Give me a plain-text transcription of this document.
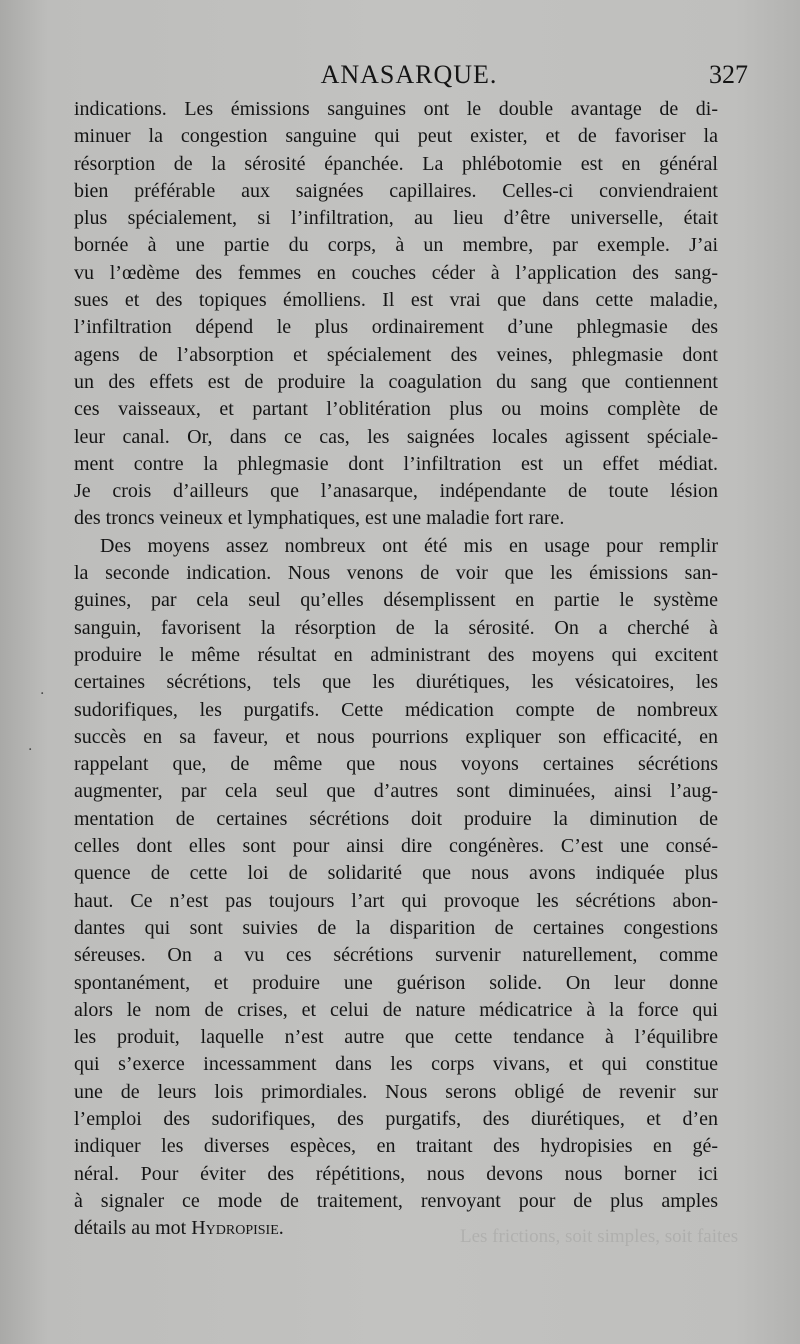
ANASARQUE.	327
indications. Les émissions sanguines ont le double avantage de di-
minuer la congestion sanguine qui peut exister, et de favoriser la
résorption de la sérosité épanchée. La phlébotomie est en général
bien préférable aux saignées capillaires. Celles-ci conviendraient
plus spécialement, si l’infiltration, au lieu d’être universelle, était
bornée à une partie du corps, à un membre, par exemple. J’ai
vu l’œdème des femmes en couches céder à l’application des sang-
sues et des topiques émolliens. Il est vrai que dans cette maladie,
l’infiltration dépend le plus ordinairement d’une phlegmasie des
agens de l’absorption et spécialement des veines, phlegmasie dont
un des effets est de produire la coagulation du sang que contiennent
ces vaisseaux, et partant l’oblitération plus ou moins complète de
leur canal. Or, dans ce cas, les saignées locales agissent spéciale-
ment contre la phlegmasie dont l’infiltration est un effet médiat.
Je crois d’ailleurs que l’anasarque, indépendante de toute lésion
des troncs veineux et lymphatiques, est une maladie fort rare.
Des moyens assez nombreux ont été mis en usage pour remplir
la seconde indication. Nous venons de voir que les émissions san-
guines, par cela seul qu’elles désemplissent en partie le système
sanguin, favorisent la résorption de la sérosité. On a cherché à
produire le même résultat en administrant des moyens qui excitent
certaines sécrétions, tels que les diurétiques, les vésicatoires, les
sudorifiques, les purgatifs. Cette médication compte de nombreux
succès en sa faveur, et nous pourrions expliquer son efficacité, en
rappelant que, de même que nous voyons certaines sécrétions
augmenter, par cela seul que d’autres sont diminuées, ainsi l’aug-
mentation de certaines sécrétions doit produire la diminution de
celles dont elles sont pour ainsi dire congénères. C’est une consé-
quence de cette loi de solidarité que nous avons indiquée plus
haut. Ce n’est pas toujours l’art qui provoque les sécrétions abon-
dantes qui sont suivies de la disparition de certaines congestions
séreuses. On a vu ces sécrétions survenir naturellement, comme
spontanément, et produire une guérison solide. On leur donne
alors le nom de crises, et celui de nature médicatrice à la force qui
les produit, laquelle n’est autre que cette tendance à l’équilibre
qui s’exerce incessamment dans les corps vivans, et qui constitue
une de leurs lois primordiales. Nous serons obligé de revenir sur
l’emploi des sudorifiques, des purgatifs, des diurétiques, et d’en
indiquer les diverses espèces, en traitant des hydropisies en gé-
néral. Pour éviter des répétitions, nous devons nous borner ici
à signaler ce mode de traitement, renvoyant pour de plus amples
détails au mot Hydropisie.	Les frictions, soit simples, soit faites
·
·
